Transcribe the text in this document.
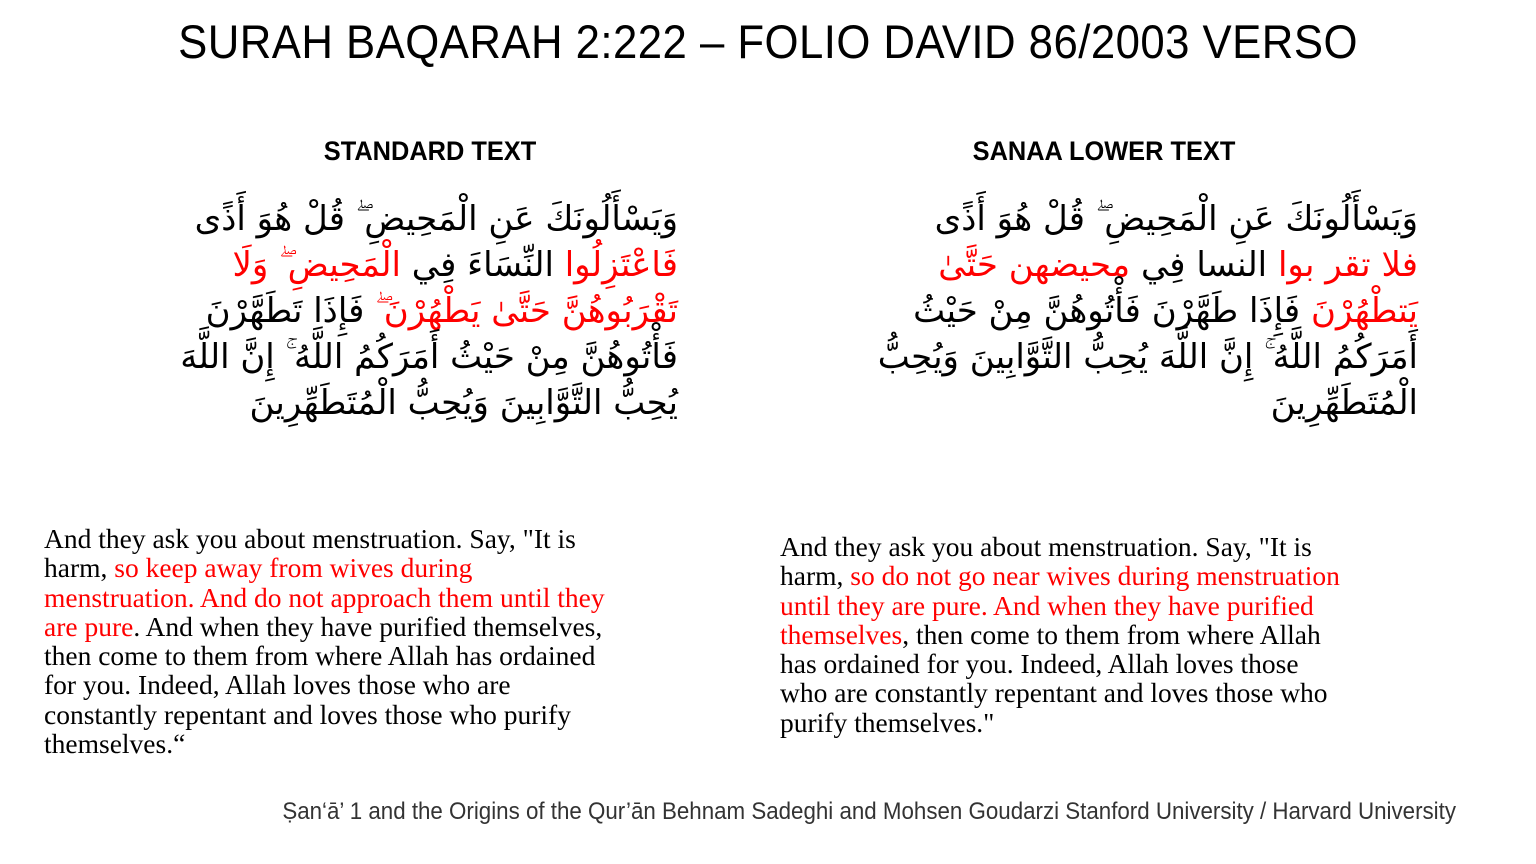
SURAH BAQARAH 2:222 – FOLIO DAVID 86/2003 VERSO
STANDARD TEXT	SANAA LOWER TEXT
وَيَسْأَلُونَكَ عَنِ الْمَحِيضِ ۖ قُلْ هُوَ أَذًى
فَاعْتَزِلُوا النِّسَاءَ فِي الْمَحِيضِ ۖ وَلَا
تَقْرَبُوهُنَّ حَتَّىٰ يَطْهُرْنَ ۖ فَإِذَا تَطَهَّرْنَ
فَأْتُوهُنَّ مِنْ حَيْثُ أَمَرَكُمُ اللَّهُ ۚ إِنَّ اللَّهَ
يُحِبُّ التَّوَّابِينَ وَيُحِبُّ الْمُتَطَهِّرِينَ
وَيَسْأَلُونَكَ عَنِ الْمَحِيضِ ۖ قُلْ هُوَ أَذًى
فلا تقر بوا النسا فِي محيضهن حَتَّىٰ
يَتطْهُرْنَ فَإِذَا طَهَّرْنَ فَأْتُوهُنَّ مِنْ حَيْثُ
أَمَرَكُمُ اللَّهُ ۚ إِنَّ اللَّهَ يُحِبُّ التَّوَّابِينَ وَيُحِبُّ
الْمُتَطَهِّرِينَ
And they ask you about menstruation. Say, "It is
harm, so keep away from wives during
menstruation. And do not approach them until they
are pure. And when they have purified themselves,
then come to them from where Allah has ordained
for you. Indeed, Allah loves those who are
constantly repentant and loves those who purify
themselves.“
And they ask you about menstruation. Say, "It is
harm, so do not go near wives during menstruation
until they are pure. And when they have purified
themselves, then come to them from where Allah
has ordained for you. Indeed, Allah loves those
who are constantly repentant and loves those who
purify themselves."
Ṣan‘ā’ 1 and the Origins of the Qur’ān Behnam Sadeghi and Mohsen Goudarzi Stanford University / Harvard University
